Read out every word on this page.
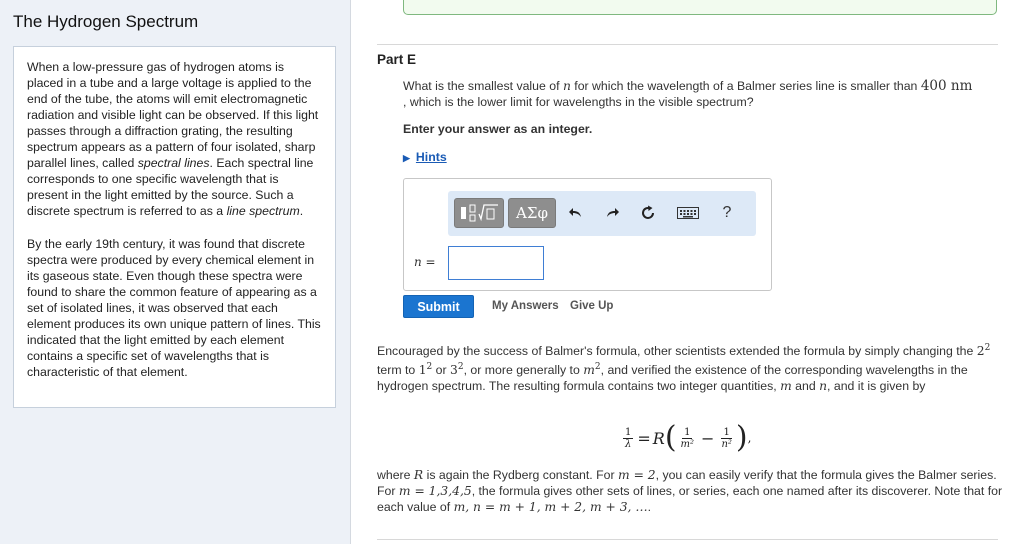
The Hydrogen Spectrum

When a low-pressure gas of hydrogen atoms is placed in a tube and a large voltage is applied to the end of the tube, the atoms will emit electromagnetic radiation and visible light can be observed. If this light passes through a diffraction grating, the resulting spectrum appears as a pattern of four isolated, sharp parallel lines, called spectral lines. Each spectral line corresponds to one specific wavelength that is present in the light emitted by the source. Such a discrete spectrum is referred to as a line spectrum.

By the early 19th century, it was found that discrete spectra were produced by every chemical element in its gaseous state. Even though these spectra were found to share the common feature of appearing as a set of isolated lines, it was observed that each element produces its own unique pattern of lines. This indicated that the light emitted by each element contains a specific set of wavelengths that is characteristic of that element.

Part E
What is the smallest value of n for which the wavelength of a Balmer series line is smaller than 400 nm
, which is the lower limit for wavelengths in the visible spectrum?
Enter your answer as an integer.
▶ Hints
ΑΣφ	?
n =
Submit	My Answers Give Up
Encouraged by the success of Balmer's formula, other scientists extended the formula by simply changing the $2^2$ term to $1^2$ or $3^2$, or more generally to $m^2$, and verified the existence of the corresponding wavelengths in the hydrogen spectrum. The resulting formula contains two integer quantities, m and n, and it is given by
$\frac{1}{\lambda} = R$ ( $\frac{1}{\text{m²}} - \frac{1}{\text{n²}}$ ) ,
where R is again the Rydberg constant. For m = 2, you can easily verify that the formula gives the Balmer series. For m = 1,3,4,5, the formula gives other sets of lines, or series, each one named after its discoverer. Note that for each value of m, n = m + 1, m + 2, m + 3, ….
